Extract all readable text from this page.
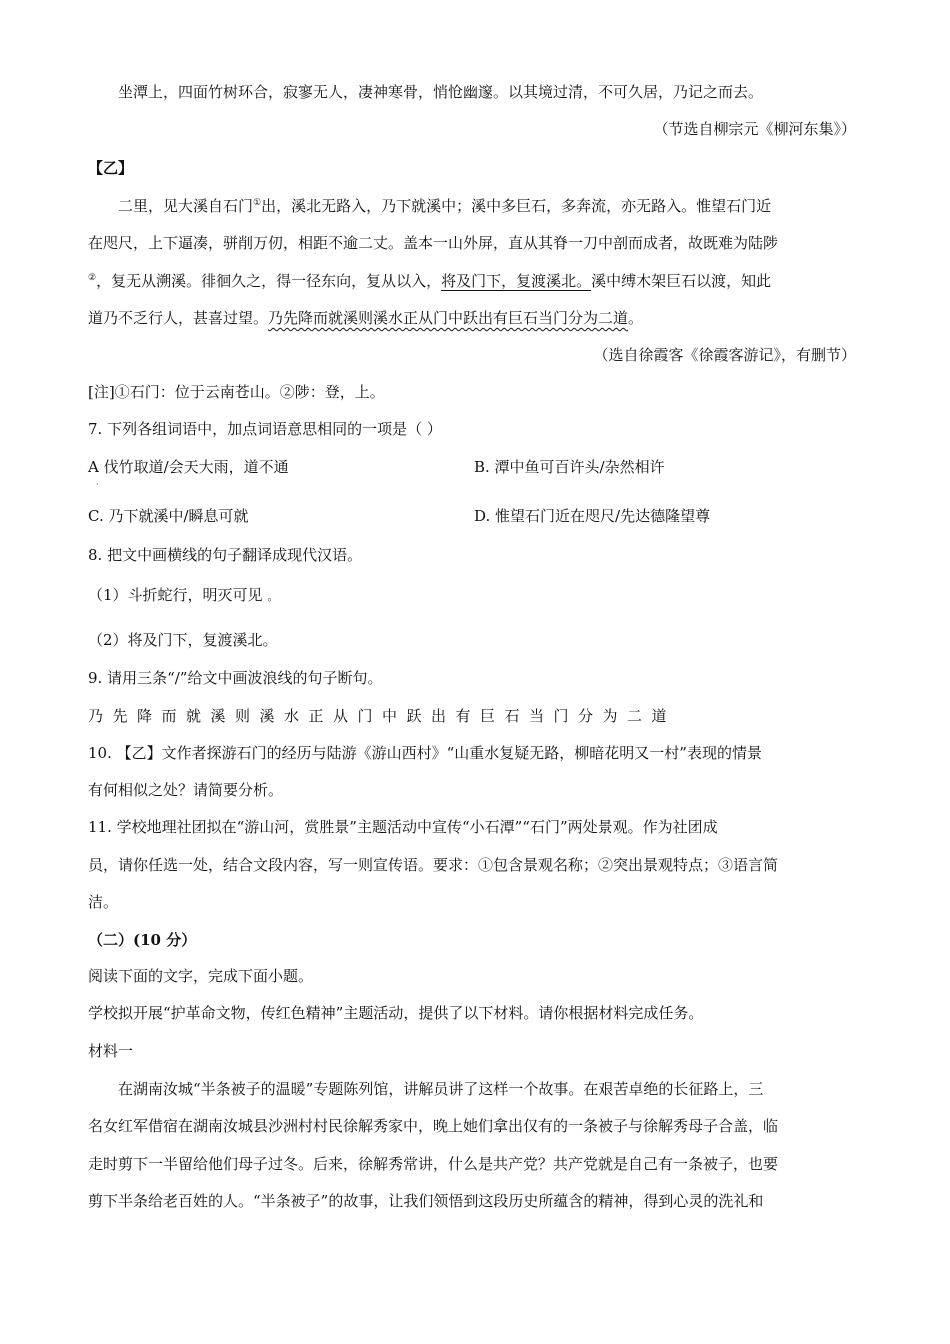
坐潭上，四面竹树环合，寂寥无人，凄神寒骨，悄怆幽邃。以其境过清，不可久居，乃记之而去。
（节选自柳宗元《柳河东集》）
【乙】
二里，见大溪自石门①出，溪北无路入，乃下就溪中；溪中多巨石，多奔流，亦无路入。惟望石门近
在咫尺，上下逼凑，骈削万仞，相距不逾二丈。盖本一山外屏，直从其脊一刀中剖而成者，故既难为陆陟
②，复无从溯溪。徘徊久之，得一径东向，复从以入，将及门下，复渡溪北。溪中缚木架巨石以渡，知此
道乃不乏行人，甚喜过望。乃先降而就溪则溪水正从门中跃出有巨石当门分为二道。
（选自徐霞客《徐霞客游记》，有删节）
[注]①石门：位于云南苍山。②陟：登，上。
7. 下列各组词语中，加点词语意思相同的一项是（ ）
A 伐竹取道/会天大雨，道不通
·
B. 潭中鱼可百许头/杂然相许
C. 乃下就溪中/瞬息可就	D. 惟望石门近在咫尺/先达德隆望尊
8. 把文中画横线的句子翻译成现代汉语。
（1）斗折蛇行，明灭可见 。
（2）将及门下，复渡溪北。
9. 请用三条“/”给文中画波浪线的句子断句。
乃先降而就溪则溪水正从门中跃出有巨石当门分为二道
10. 【乙】文作者探游石门的经历与陆游《游山西村》“山重水复疑无路，柳暗花明又一村”表现的情景
有何相似之处？请简要分析。
11. 学校地理社团拟在“游山河，赏胜景”主题活动中宣传“小石潭”“石门”两处景观。作为社团成
员，请你任选一处，结合文段内容，写一则宣传语。要求：①包含景观名称；②突出景观特点；③语言简
洁。
（二）(10 分）
阅读下面的文字，完成下面小题。
学校拟开展“护革命文物，传红色精神”主题活动，提供了以下材料。请你根据材料完成任务。
材料一
在湖南汝城“半条被子的温暖”专题陈列馆，讲解员讲了这样一个故事。在艰苦卓绝的长征路上，三
名女红军借宿在湖南汝城县沙洲村村民徐解秀家中，晚上她们拿出仅有的一条被子与徐解秀母子合盖，临
走时剪下一半留给他们母子过冬。后来，徐解秀常讲，什么是共产党？共产党就是自己有一条被子，也要
剪下半条给老百姓的人。“半条被子”的故事，让我们领悟到这段历史所蕴含的精神，得到心灵的洗礼和
